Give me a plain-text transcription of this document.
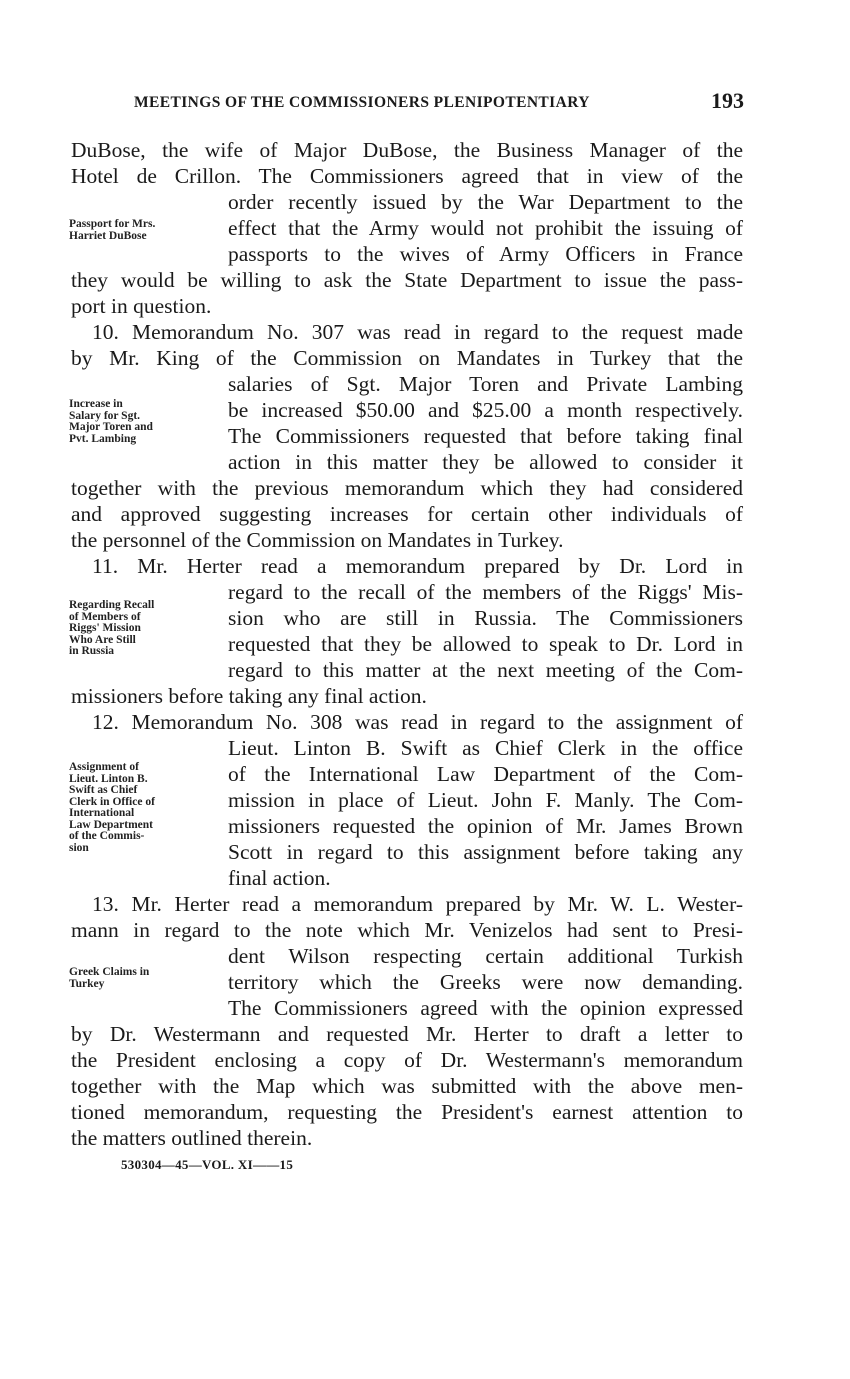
MEETINGS OF THE COMMISSIONERS PLENIPOTENTIARY	193
DuBose, the wife of Major DuBose, the Business Manager of the
Hotel de Crillon. The Commissioners agreed that in view of the
order recently issued by the War Department to the
effect that the Army would not prohibit the issuing of
passports to the wives of Army Officers in France
they would be willing to ask the State Department to issue the pass-
port in question.
Passport for Mrs.
Harriet DuBose
10. Memorandum No. 307 was read in regard to the request made
by Mr. King of the Commission on Mandates in Turkey that the
salaries of Sgt. Major Toren and Private Lambing
be increased $50.00 and $25.00 a month respectively.
The Commissioners requested that before taking final
action in this matter they be allowed to consider it
together with the previous memorandum which they had considered
and approved suggesting increases for certain other individuals of
the personnel of the Commission on Mandates in Turkey.
Increase in
Salary for Sgt.
Major Toren and
Pvt. Lambing
11. Mr. Herter read a memorandum prepared by Dr. Lord in
regard to the recall of the members of the Riggs' Mis-
sion who are still in Russia. The Commissioners
requested that they be allowed to speak to Dr. Lord in
regard to this matter at the next meeting of the Com-
missioners before taking any final action.
Regarding Recall
of Members of
Riggs' Mission
Who Are Still
in Russia
12. Memorandum No. 308 was read in regard to the assignment of
Lieut. Linton B. Swift as Chief Clerk in the office
of the International Law Department of the Com-
mission in place of Lieut. John F. Manly. The Com-
missioners requested the opinion of Mr. James Brown
Scott in regard to this assignment before taking any
final action.
Assignment of
Lieut. Linton B.
Swift as Chief
Clerk in Office of
International
Law Department
of the Commis-
sion
13. Mr. Herter read a memorandum prepared by Mr. W. L. Wester-
mann in regard to the note which Mr. Venizelos had sent to Presi-
dent Wilson respecting certain additional Turkish
territory which the Greeks were now demanding.
The Commissioners agreed with the opinion expressed
by Dr. Westermann and requested Mr. Herter to draft a letter to
the President enclosing a copy of Dr. Westermann's memorandum
together with the Map which was submitted with the above men-
tioned memorandum, requesting the President's earnest attention to
the matters outlined therein.
Greek Claims in
Turkey
530304—45—VOL. XI——15
